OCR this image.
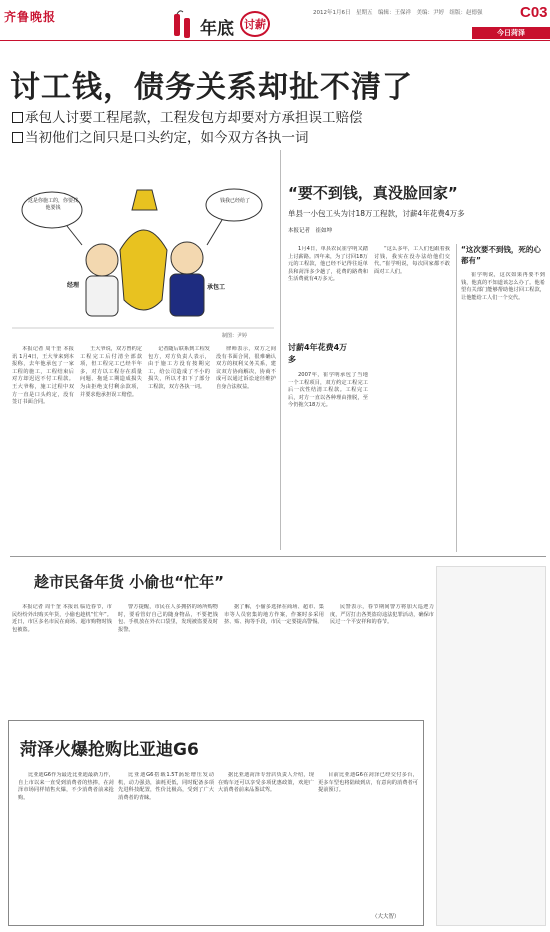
齐鲁晚报
年底 讨薪
2012年1月6日　星期五　编辑：王保祥　美编：尹婷　组版：赵德强	C03
今日菏泽
讨工钱，债务关系却扯不清了
承包人讨要工程尾款，工程发包方却要对方承担误工赔偿
当初他们之间只是口头约定，如今双方各执一词
这是你施工的，你要找他要钱
钱我已经给了
经理	承包工
制图：尹婷

本报记者 周千奎 本报讯 1月4日，王大爷来到本报称，去年他承包了一家工程的施工，工程结束后对方却迟迟不付工程款。王大爷称，施工过程中双方一直是口头约定，没有签订书面合同。

王大爷说，双方曾约定工程完工后付清全部款项，但工程完工已经半年多，对方以工程存在质量问题、拖延工期造成损失为由拒绝支付剩余款项，并要求他承担误工赔偿。

记者随后联系到工程发包方，对方负责人表示，由于施工方没有按期完工，给公司造成了不小的损失，所以才扣下了部分工程款，双方各执一词。

律师表示，双方之间没有书面合同，很难确认双方的权利义务关系，建议双方协商解决，协商不成可以通过诉讼途径维护自身合法权益。

“要不到钱，真没脸回家”
单县一小包工头为讨18万工程款，讨薪4年花费4万多
本报记者　崔如坤

1月4日，单县农民崔学明又踏上讨薪路。四年来，为了讨回18万元的工程款，他已经不记得往返单县和菏泽多少趟了，花费的路费和生活费就有4万多元。

讨薪4年花费4万多

2007年，崔学明承包了当地一个工程项目，双方约定工程完工后一次性结清工程款。工程完工后，对方一直以各种理由推脱，至今仍拖欠18万元。

“这么多年，工人们也跟着我讨钱，我实在没办法给他们交代。”崔学明说，每次回家都不敢面对工人们。

“这次要不到钱，死的心都有”

崔学明说，这次如果再要不到钱，他真的不知道该怎么办了。他希望有关部门能够帮助他讨回工程款，让他能给工人们一个交代。

趁市民备年货 小偷也“忙年”

本报记者 周千奎 本报讯 临近春节，市民纷纷外出购买年货，小偷也趁机“忙年”。近日，市区多名市民在商场、超市购物时钱包被盗。

警方提醒，市民在人多拥挤的场所购物时，要看管好自己的随身物品，不要把钱包、手机放在外衣口袋里，发现被盗要及时报警。

据了解，小偷多选择在商场、超市、集市等人员密集的地方作案，作案时多采用挤、贴、掏等手段，市民一定要提高警惕。

民警表示，春节期间警方将加大巡逻力度，严厉打击各类盗窃违法犯罪活动，确保市民过一个平安祥和的春节。

菏泽火爆抢购比亚迪G6

比亚迪G6作为最近比亚迪最新力作，自上市以来一直受到消费者的热捧，在菏泽市场同样销售火爆，不少消费者前来抢购。

比亚迪G6搭载1.5T涡轮增压发动机，动力强劲，油耗更低，同时配备多项先进科技配置，性价比极高，受到了广大消费者的青睐。

据比亚迪菏泽专营店负责人介绍，现在购车还可以享受多项优惠政策，欢迎广大消费者前来品鉴试驾。

目前比亚迪G6在菏泽已经交付多台，更多车型也将陆续到店，有意向的消费者可提前预订。

（大大智）
